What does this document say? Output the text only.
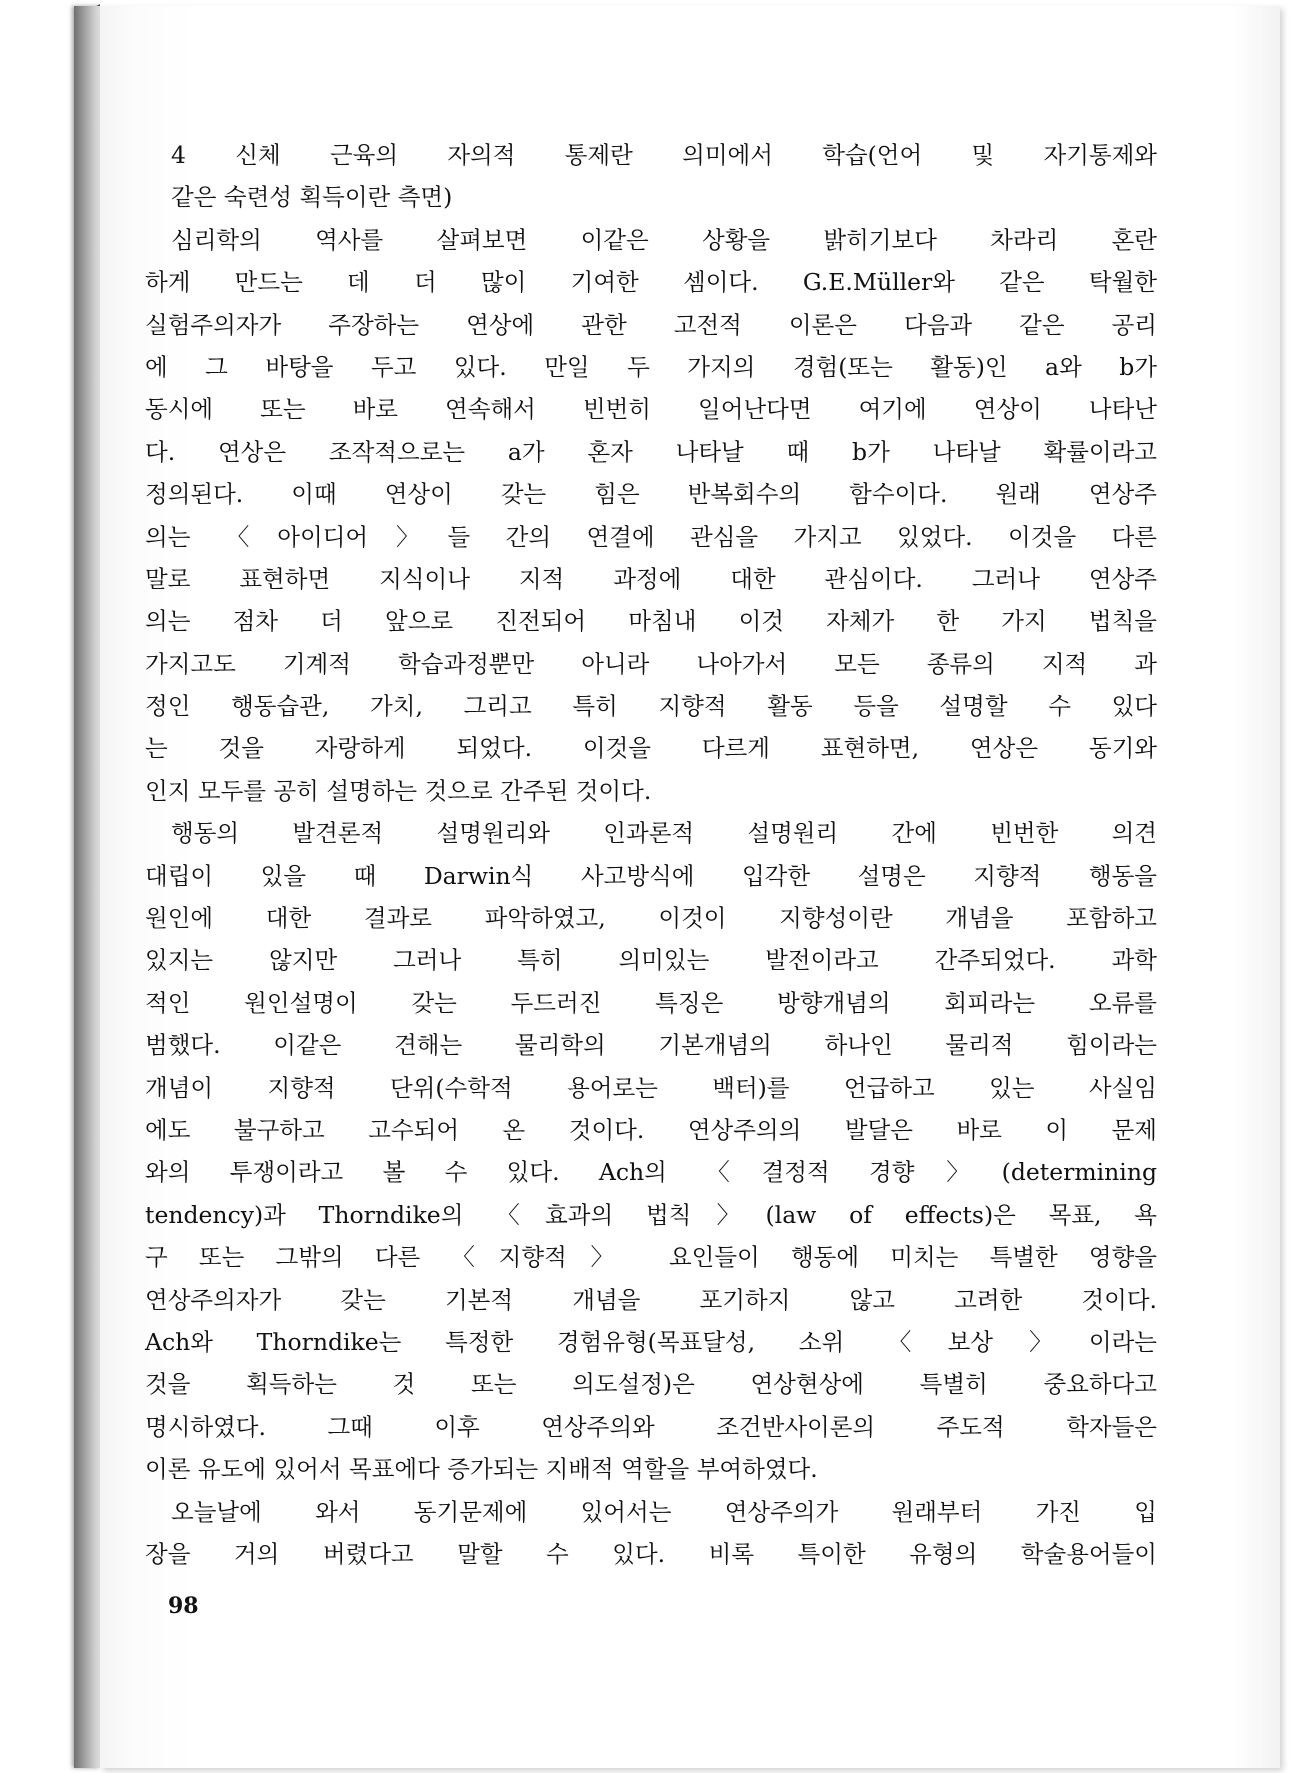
4 신체 근육의 자의적 통제란 의미에서 학습(언어 및 자기통제와
같은 숙련성 획득이란 측면)
심리학의 역사를 살펴보면 이같은 상황을 밝히기보다 차라리 혼란
하게 만드는 데 더 많이 기여한 셈이다. G.E.Müller와 같은 탁월한
실험주의자가 주장하는 연상에 관한 고전적 이론은 다음과 같은 공리
에 그 바탕을 두고 있다. 만일 두 가지의 경험(또는 활동)인 a와 b가
동시에 또는 바로 연속해서 빈번히 일어난다면 여기에 연상이 나타난
다. 연상은 조작적으로는 a가 혼자 나타날 때 b가 나타날 확률이라고
정의된다. 이때 연상이 갖는 힘은 반복회수의 함수이다. 원래 연상주
의는 〈아이디어〉들 간의 연결에 관심을 가지고 있었다. 이것을 다른
말로 표현하면 지식이나 지적 과정에 대한 관심이다. 그러나 연상주
의는 점차 더 앞으로 진전되어 마침내 이것 자체가 한 가지 법칙을
가지고도 기계적 학습과정뿐만 아니라 나아가서 모든 종류의 지적 과
정인 행동습관, 가치, 그리고 특히 지향적 활동 등을 설명할 수 있다
는 것을 자랑하게 되었다. 이것을 다르게 표현하면, 연상은 동기와
인지 모두를 공히 설명하는 것으로 간주된 것이다.
행동의 발견론적 설명원리와 인과론적 설명원리 간에 빈번한 의견
대립이 있을 때 Darwin식 사고방식에 입각한 설명은 지향적 행동을
원인에 대한 결과로 파악하였고, 이것이 지향성이란 개념을 포함하고
있지는 않지만 그러나 특히 의미있는 발전이라고 간주되었다. 과학
적인 원인설명이 갖는 두드러진 특징은 방향개념의 회피라는 오류를
범했다. 이같은 견해는 물리학의 기본개념의 하나인 물리적 힘이라는
개념이 지향적 단위(수학적 용어로는 백터)를 언급하고 있는 사실임
에도 불구하고 고수되어 온 것이다. 연상주의의 발달은 바로 이 문제
와의 투쟁이라고 볼 수 있다. Ach의 〈결정적 경향〉(determining
tendency)과 Thorndike의 〈효과의 법칙〉(law of effects)은 목표, 욕
구 또는 그밖의 다른 〈지향적〉 요인들이 행동에 미치는 특별한 영향을
연상주의자가 갖는 기본적 개념을 포기하지 않고 고려한 것이다.
Ach와 Thorndike는 특정한 경험유형(목표달성, 소위 〈보상〉이라는
것을 획득하는 것 또는 의도설정)은 연상현상에 특별히 중요하다고
명시하였다. 그때 이후 연상주의와 조건반사이론의 주도적 학자들은
이론 유도에 있어서 목표에다 증가되는 지배적 역할을 부여하였다.
오늘날에 와서 동기문제에 있어서는 연상주의가 원래부터 가진 입
장을 거의 버렸다고 말할 수 있다. 비록 특이한 유형의 학술용어들이
98
